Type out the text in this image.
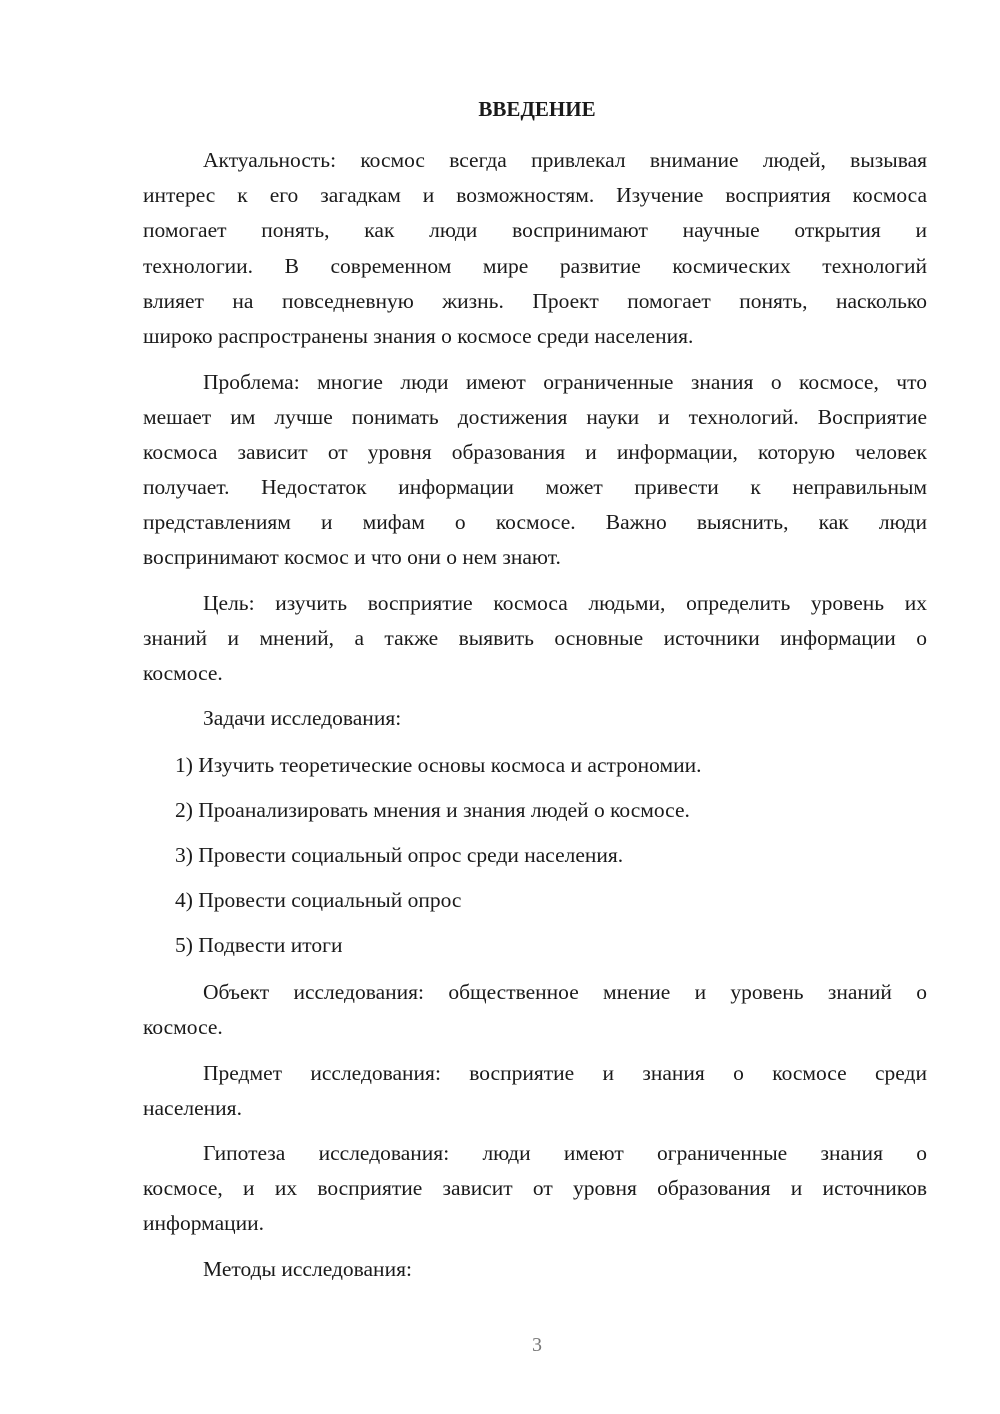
ВВЕДЕНИЕ
Актуальность: космос всегда привлекал внимание людей, вызывая
интерес к его загадкам и возможностям. Изучение восприятия космоса
помогает понять, как люди воспринимают научные открытия и
технологии. В современном мире развитие космических технологий
влияет на повседневную жизнь. Проект помогает понять, насколько
широко распространены знания о космосе среди населения.
Проблема: многие люди имеют ограниченные знания о космосе, что
мешает им лучше понимать достижения науки и технологий. Восприятие
космоса зависит от уровня образования и информации, которую человек
получает. Недостаток информации может привести к неправильным
представлениям и мифам о космосе. Важно выяснить, как люди
воспринимают космос и что они о нем знают.
Цель: изучить восприятие космоса людьми, определить уровень их
знаний и мнений, а также выявить основные источники информации о
космосе.
Задачи исследования:
1) Изучить теоретические основы космоса и астрономии.
2) Проанализировать мнения и знания людей о космосе.
3) Провести социальный опрос среди населения.
4) Провести социальный опрос
5) Подвести итоги
Объект исследования: общественное мнение и уровень знаний о
космосе.
Предмет исследования: восприятие и знания о космосе среди
населения.
Гипотеза исследования: люди имеют ограниченные знания о
космосе, и их восприятие зависит от уровня образования и источников
информации.
Методы исследования:
3
